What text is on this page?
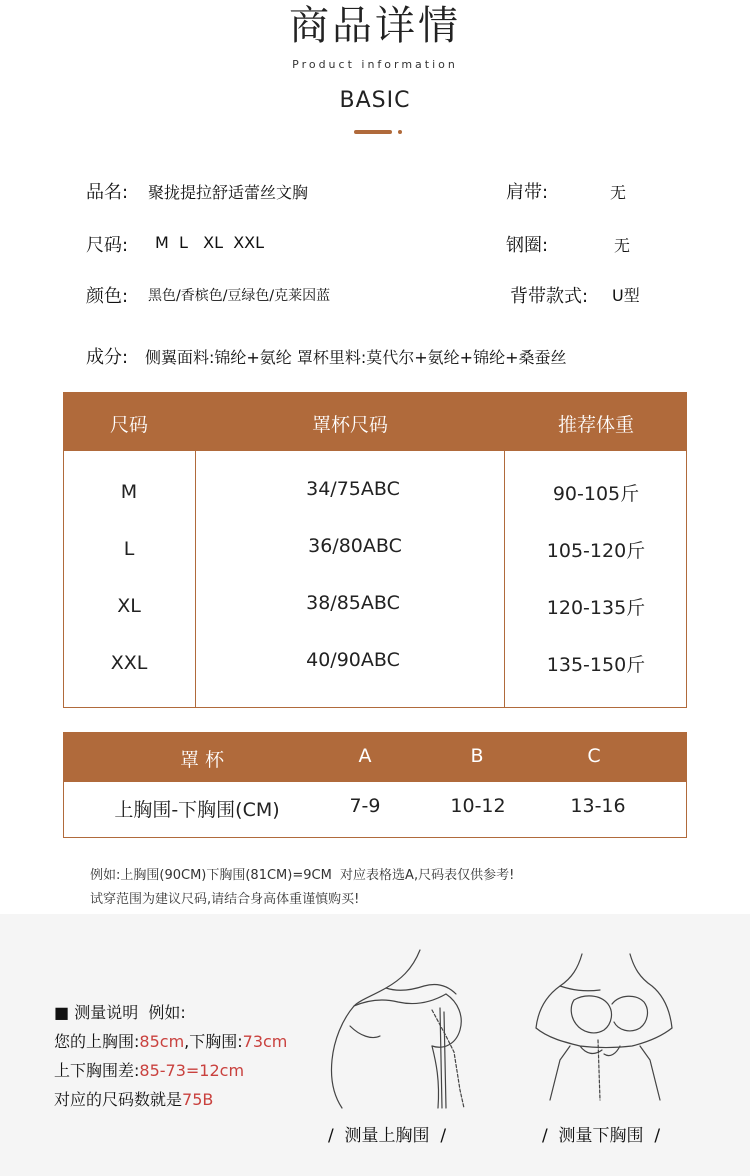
商品详情
Product information
BASIC
品名: 聚拢提拉舒适蕾丝文胸	肩带:	无
尺码: M  L   XL  XXL	钢圈:	无
颜色: 黑色/香槟色/豆绿色/克莱因蓝	背带款式: U型
成分: 侧翼面料:锦纶+氨纶 罩杯里料:莫代尔+氨纶+锦纶+桑蚕丝
尺码	罩杯尺码	推荐体重
M	34/75ABC	90-105斤
L	36/80ABC	105-120斤
XL	38/85ABC	120-135斤
XXL	40/90ABC	135-150斤
罩 杯	A	B	C
上胸围-下胸围(CM)	7-9	10-12	13-16
例如:上胸围(90CM)下胸围(81CM)=9CM  对应表格选A,尺码表仅供参考!
试穿范围为建议尺码,请结合身高体重谨慎购买!
■ 测量说明  例如:
您的上胸围:85cm,下胸围:73cm
上下胸围差:85-73=12cm
对应的尺码数就是75B
/  测量上胸围  /	/  测量下胸围  /
